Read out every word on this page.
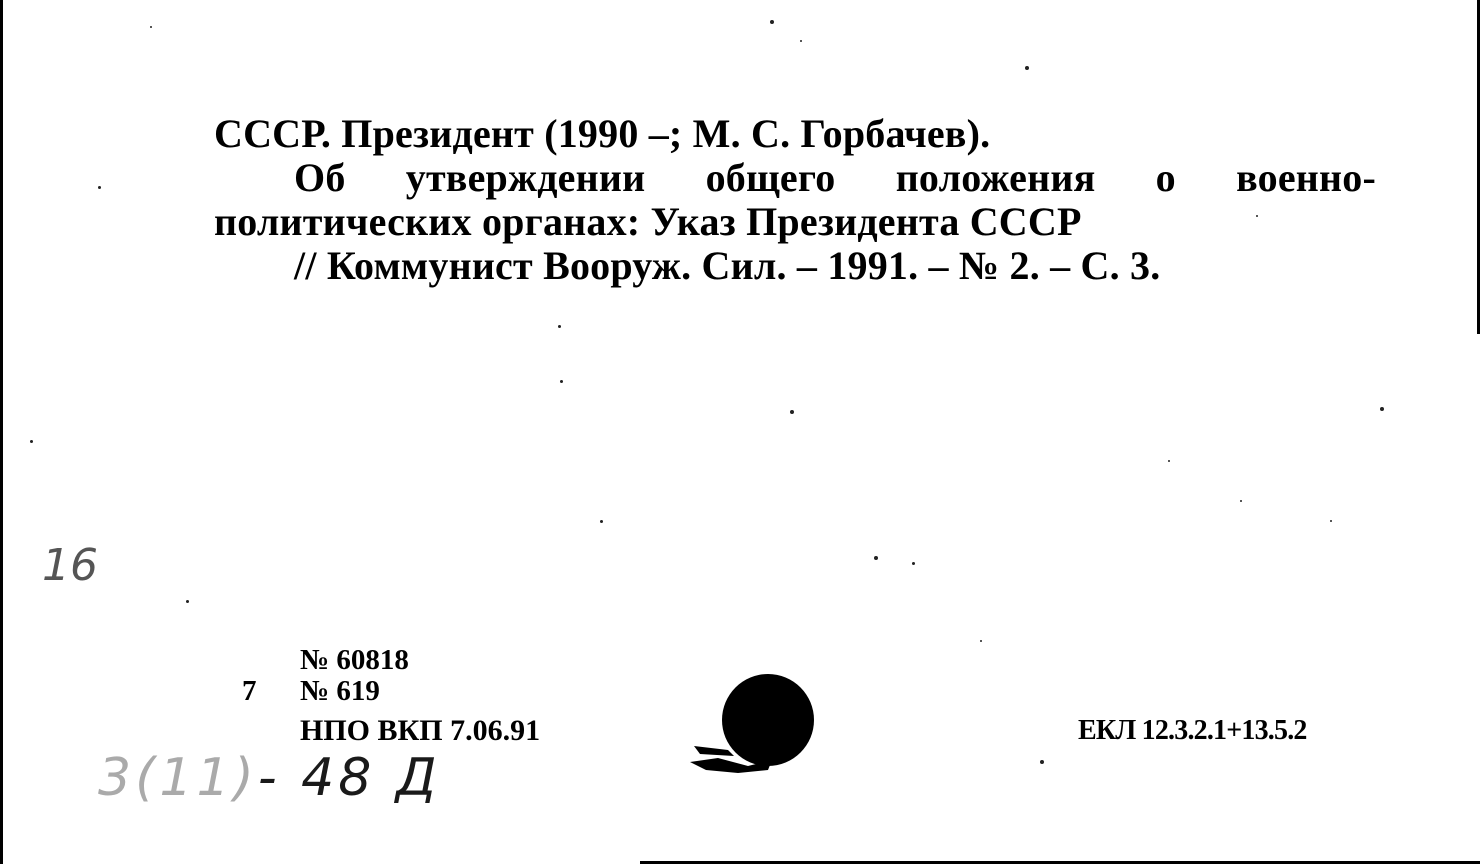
СССР. Президент (1990 –; М. С. Горбачев).
Об утверждении общего положения о военно-политических органах: Указ Президента СССР
// Коммунист Вооруж. Сил. – 1991. – № 2. – С. 3.
№ 60818
7 № 619
НПО ВКП 7.06.91	ЕКЛ 12.3.2.1+13.5.2
16
3(11)- 48 Д
